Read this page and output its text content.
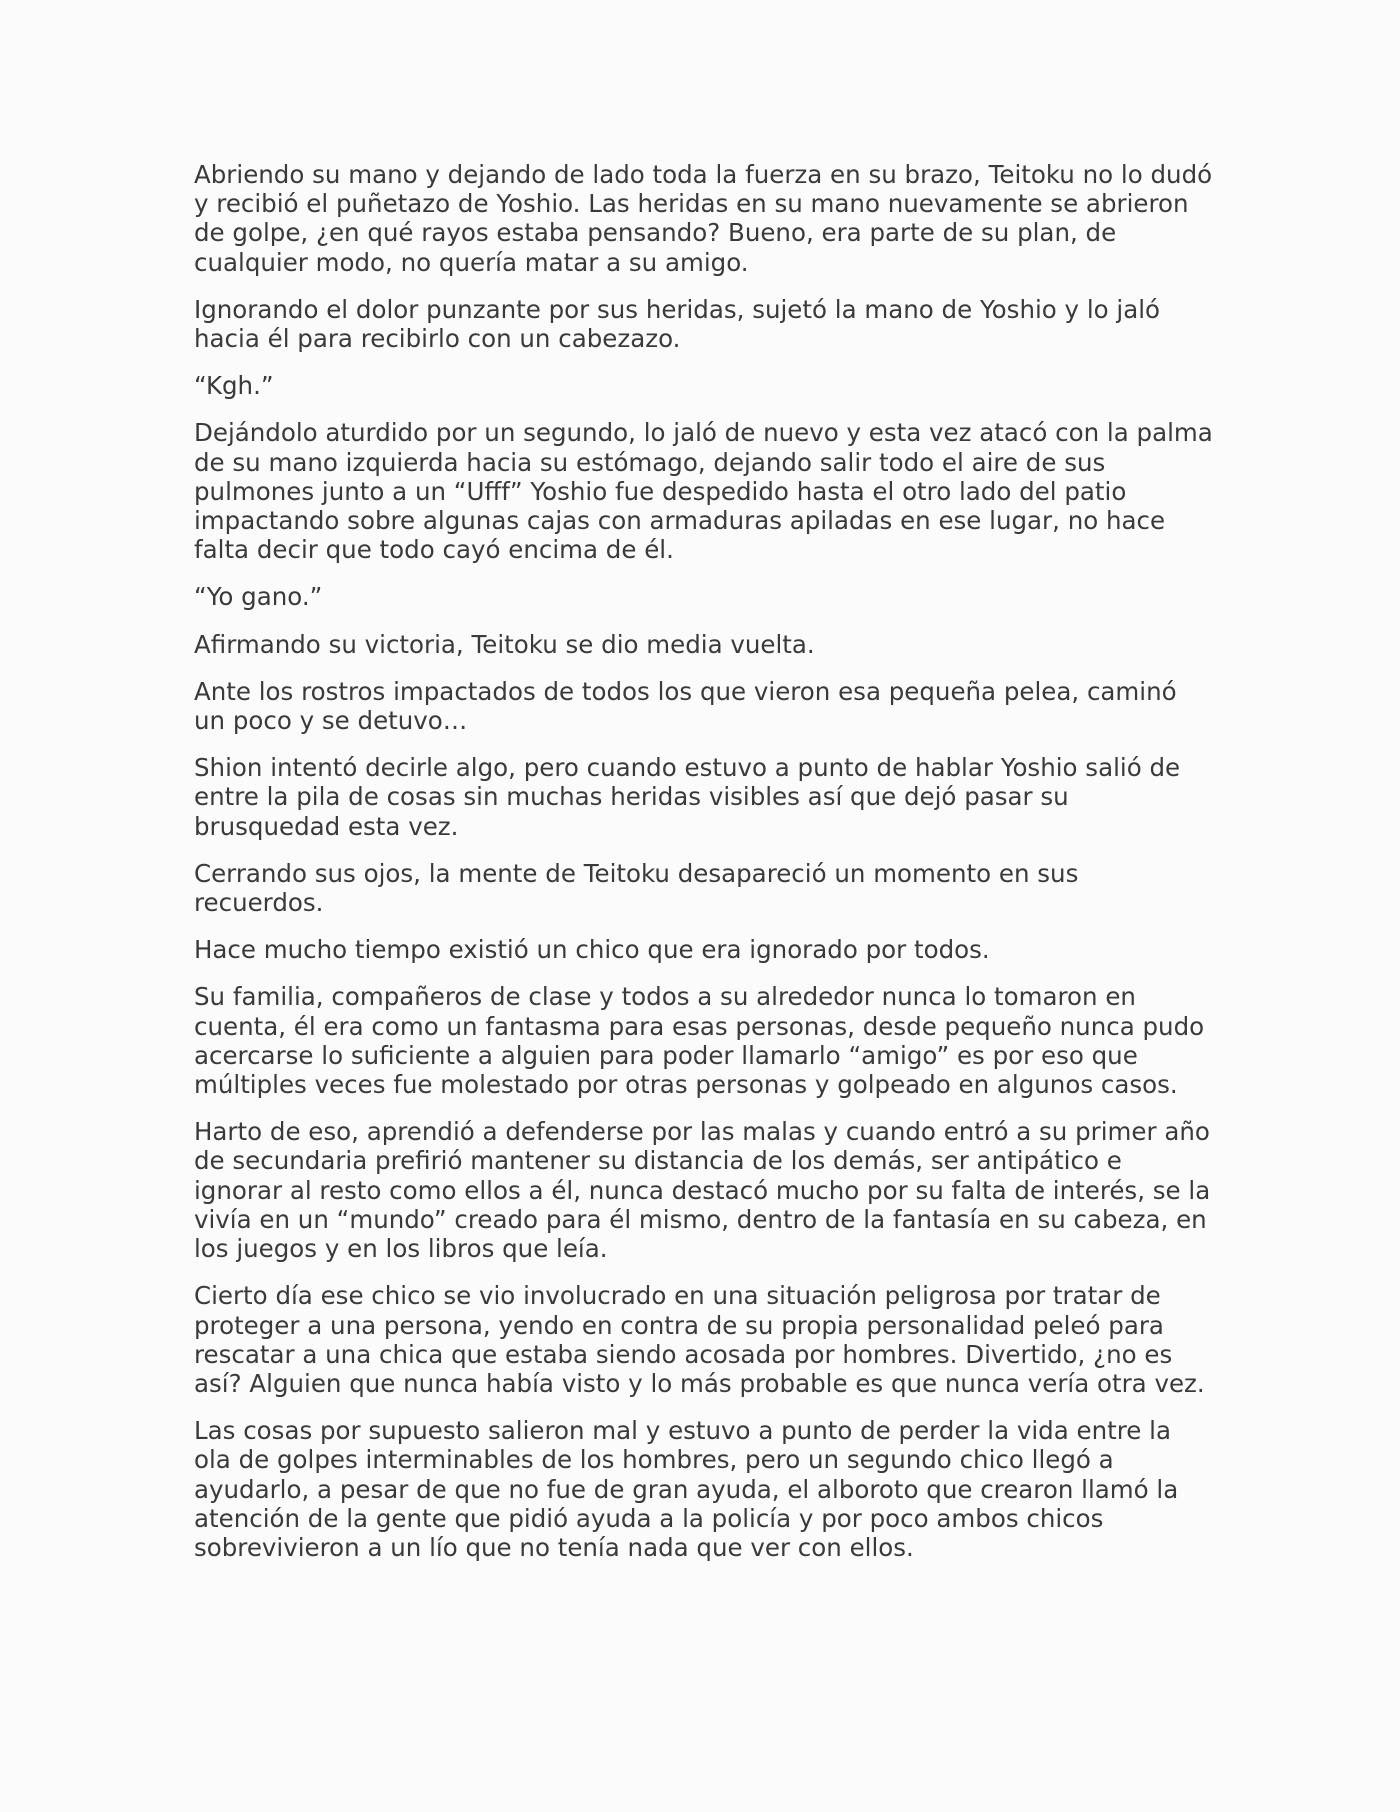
Abriendo su mano y dejando de lado toda la fuerza en su brazo, Teitoku no lo dudó y recibió el puñetazo de Yoshio. Las heridas en su mano nuevamente se abrieron de golpe, ¿en qué rayos estaba pensando? Bueno, era parte de su plan, de cualquier modo, no quería matar a su amigo.

Ignorando el dolor punzante por sus heridas, sujetó la mano de Yoshio y lo jaló hacia él para recibirlo con un cabezazo.

“Kgh.”

Dejándolo aturdido por un segundo, lo jaló de nuevo y esta vez atacó con la palma de su mano izquierda hacia su estómago, dejando salir todo el aire de sus pulmones junto a un “Ufff” Yoshio fue despedido hasta el otro lado del patio impactando sobre algunas cajas con armaduras apiladas en ese lugar, no hace falta decir que todo cayó encima de él.

“Yo gano.”

Afirmando su victoria, Teitoku se dio media vuelta.

Ante los rostros impactados de todos los que vieron esa pequeña pelea, caminó un poco y se detuvo…

Shion intentó decirle algo, pero cuando estuvo a punto de hablar Yoshio salió de entre la pila de cosas sin muchas heridas visibles así que dejó pasar su brusquedad esta vez.

Cerrando sus ojos, la mente de Teitoku desapareció un momento en sus recuerdos.

Hace mucho tiempo existió un chico que era ignorado por todos.

Su familia, compañeros de clase y todos a su alrededor nunca lo tomaron en cuenta, él era como un fantasma para esas personas, desde pequeño nunca pudo acercarse lo suficiente a alguien para poder llamarlo “amigo” es por eso que múltiples veces fue molestado por otras personas y golpeado en algunos casos.

Harto de eso, aprendió a defenderse por las malas y cuando entró a su primer año de secundaria prefirió mantener su distancia de los demás, ser antipático e ignorar al resto como ellos a él, nunca destacó mucho por su falta de interés, se la vivía en un “mundo” creado para él mismo, dentro de la fantasía en su cabeza, en los juegos y en los libros que leía.

Cierto día ese chico se vio involucrado en una situación peligrosa por tratar de proteger a una persona, yendo en contra de su propia personalidad peleó para rescatar a una chica que estaba siendo acosada por hombres. Divertido, ¿no es así? Alguien que nunca había visto y lo más probable es que nunca vería otra vez.

Las cosas por supuesto salieron mal y estuvo a punto de perder la vida entre la ola de golpes interminables de los hombres, pero un segundo chico llegó a ayudarlo, a pesar de que no fue de gran ayuda, el alboroto que crearon llamó la atención de la gente que pidió ayuda a la policía y por poco ambos chicos sobrevivieron a un lío que no tenía nada que ver con ellos.
